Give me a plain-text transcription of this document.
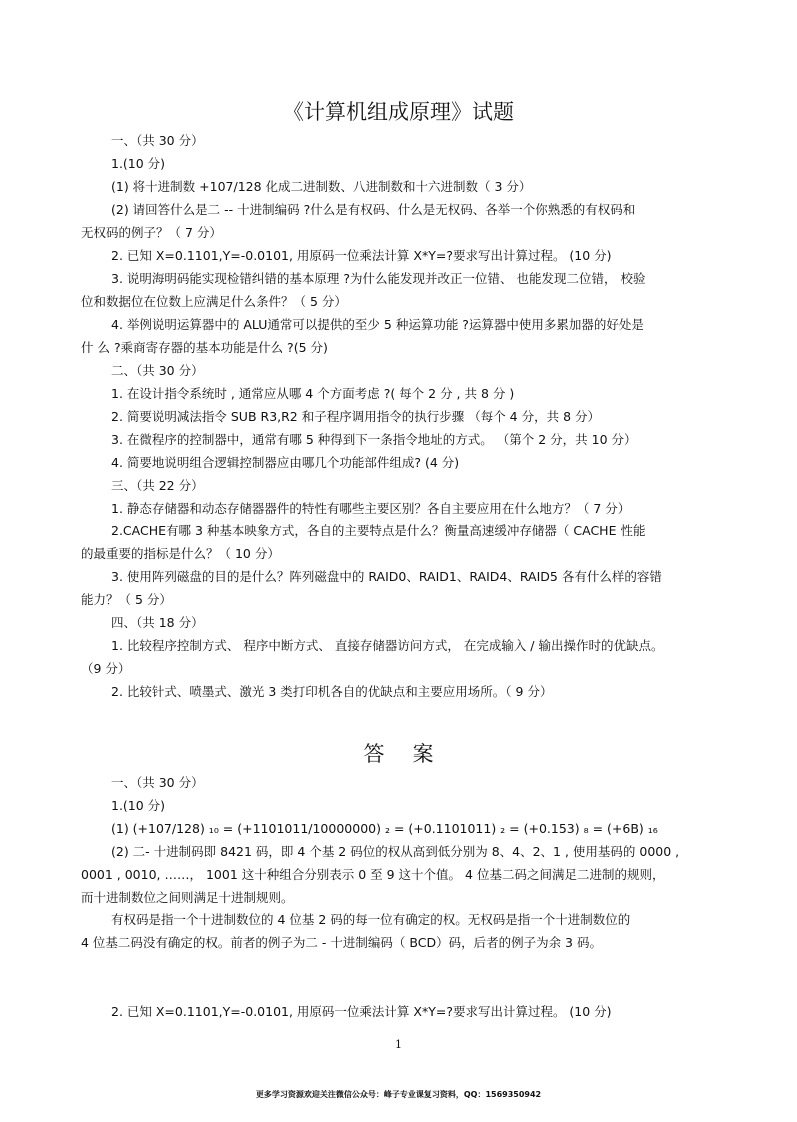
《计算机组成原理》试题
一、（共 30 分）
1.(10 分)
(1) 将十进制数 +107/128 化成二进制数、八进制数和十六进制数（ 3 分）
(2) 请回答什么是二 -- 十进制编码 ?什么是有权码、什么是无权码、各举一个你熟悉的有权码和
无权码的例子？（ 7 分）
2. 已知 X=0.1101,Y=-0.0101, 用原码一位乘法计算 X*Y=?要求写出计算过程。 (10 分)
3. 说明海明码能实现检错纠错的基本原理 ?为什么能发现并改正一位错、 也能发现二位错， 校验
位和数据位在位数上应满足什么条件？（ 5 分）
4. 举例说明运算器中的 ALU通常可以提供的至少 5 种运算功能 ?运算器中使用多累加器的好处是
什 么 ?乘商寄存器的基本功能是什么 ?(5 分)
二、（共 30 分）
1. 在设计指令系统时 , 通常应从哪 4 个方面考虑 ?( 每个 2 分 , 共 8 分 )
2. 简要说明减法指令 SUB R3,R2 和子程序调用指令的执行步骤 （每个 4 分，共 8 分）
3. 在微程序的控制器中，通常有哪 5 种得到下一条指令地址的方式。 （第个 2 分，共 10 分）
4. 简要地说明组合逻辑控制器应由哪几个功能部件组成? (4 分)
三、（共 22 分）
1. 静态存储器和动态存储器器件的特性有哪些主要区别？各自主要应用在什么地方？（ 7 分）
2.CACHE有哪 3 种基本映象方式，各自的主要特点是什么？衡量高速缓冲存储器（ CACHE 性能
的最重要的指标是什么？（ 10 分）
3. 使用阵列磁盘的目的是什么？阵列磁盘中的 RAID0、RAID1、RAID4、RAID5 各有什么样的容错
能力？（ 5 分）
四、（共 18 分）
1. 比较程序控制方式、 程序中断方式、 直接存储器访问方式， 在完成输入 / 输出操作时的优缺点。
（9 分）
2. 比较针式、喷墨式、激光 3 类打印机各自的优缺点和主要应用场所。（ 9 分）
答案
一、（共 30 分）
1.(10 分)
(1) (+107/128) ₁₀ = (+1101011/10000000) ₂ = (+0.1101011) ₂ = (+0.153) ₈ = (+6B) ₁₆
(2) 二- 十进制码即 8421 码，即 4 个基 2 码位的权从高到低分别为 8、4、2、1 , 使用基码的 0000 ,
0001 , 0010, ……， 1001 这十种组合分别表示 0 至 9 这十个值。 4 位基二码之间满足二进制的规则，
而十进制数位之间则满足十进制规则。
有权码是指一个十进制数位的 4 位基 2 码的每一位有确定的权。无权码是指一个十进制数位的
4 位基二码没有确定的权。前者的例子为二 - 十进制编码（ BCD）码，后者的例子为余 3 码。
2. 已知 X=0.1101,Y=-0.0101, 用原码一位乘法计算 X*Y=?要求写出计算过程。 (10 分)
1
更多学习资源欢迎关注微信公众号：峰子专业课复习资料，QQ：1569350942
